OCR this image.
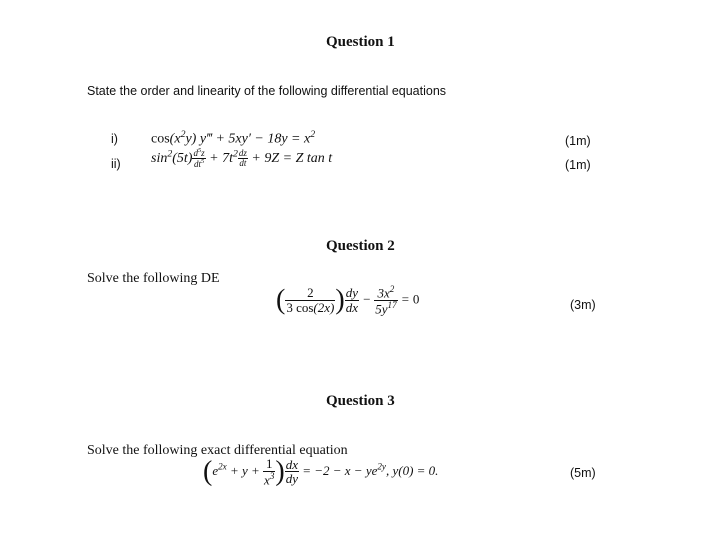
Question 1
State the order and linearity of the following differential equations
i) $\cos(x^2y)$ y‴ + $5xy' - 18y = x^2$	(1m)
ii) $\sin^2(5t) \frac{d^5z}{dt^5} + 7t^2 \frac{dz}{dt} + 9Z = Z$ tan t	(1m)
Question 2
Solve the following DE
( $\frac{2}{3 \cos(2x)}$ ) $\frac{dy}{dx} - \frac{3x^2}{5y^{17}} = 0$	(3m)
Question 3
Solve the following exact differential equation
($e^{2x} + y + \frac{1}{x^3}$ ) $\frac{dx}{dy} = -2 - x - ye^{2y}$, y(0) = 0.	(5m)
